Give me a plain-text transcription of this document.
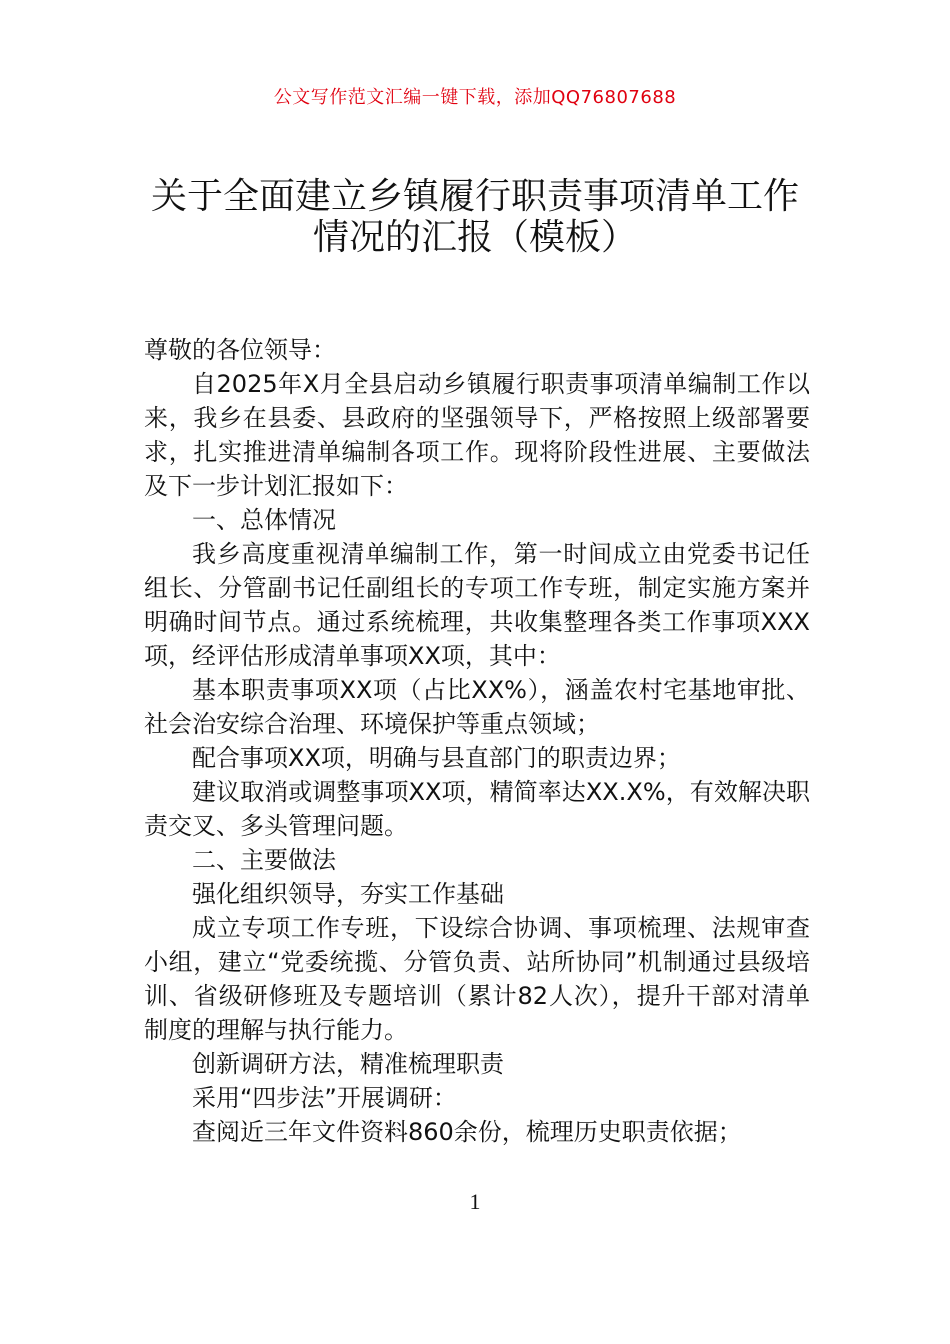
公文写作范文汇编一键下载，添加QQ76807688
关于全面建立乡镇履行职责事项清单工作
情况的汇报（模板）

尊敬的各位领导：

自2025年X月全县启动乡镇履行职责事项清单编制工作以来，我乡在县委、县政府的坚强领导下，严格按照上级部署要求，扎实推进清单编制各项工作。现将阶段性进展、主要做法及下一步计划汇报如下：

一、总体情况

我乡高度重视清单编制工作，第一时间成立由党委书记任组长、分管副书记任副组长的专项工作专班，制定实施方案并明确时间节点。通过系统梳理，共收集整理各类工作事项XXX项，经评估形成清单事项XX项，其中：

基本职责事项XX项（占比XX%），涵盖农村宅基地审批、社会治安综合治理、环境保护等重点领域；

配合事项XX项，明确与县直部门的职责边界；

建议取消或调整事项XX项，精简率达XX.X%，有效解决职责交叉、多头管理问题。

二、主要做法

强化组织领导，夯实工作基础

成立专项工作专班，下设综合协调、事项梳理、法规审查小组，建立“党委统揽、分管负责、站所协同”机制通过县级培训、省级研修班及专题培训（累计82人次），提升干部对清单制度的理解与执行能力。

创新调研方法，精准梳理职责

采用“四步法”开展调研：

查阅近三年文件资料860余份，梳理历史职责依据；

1
